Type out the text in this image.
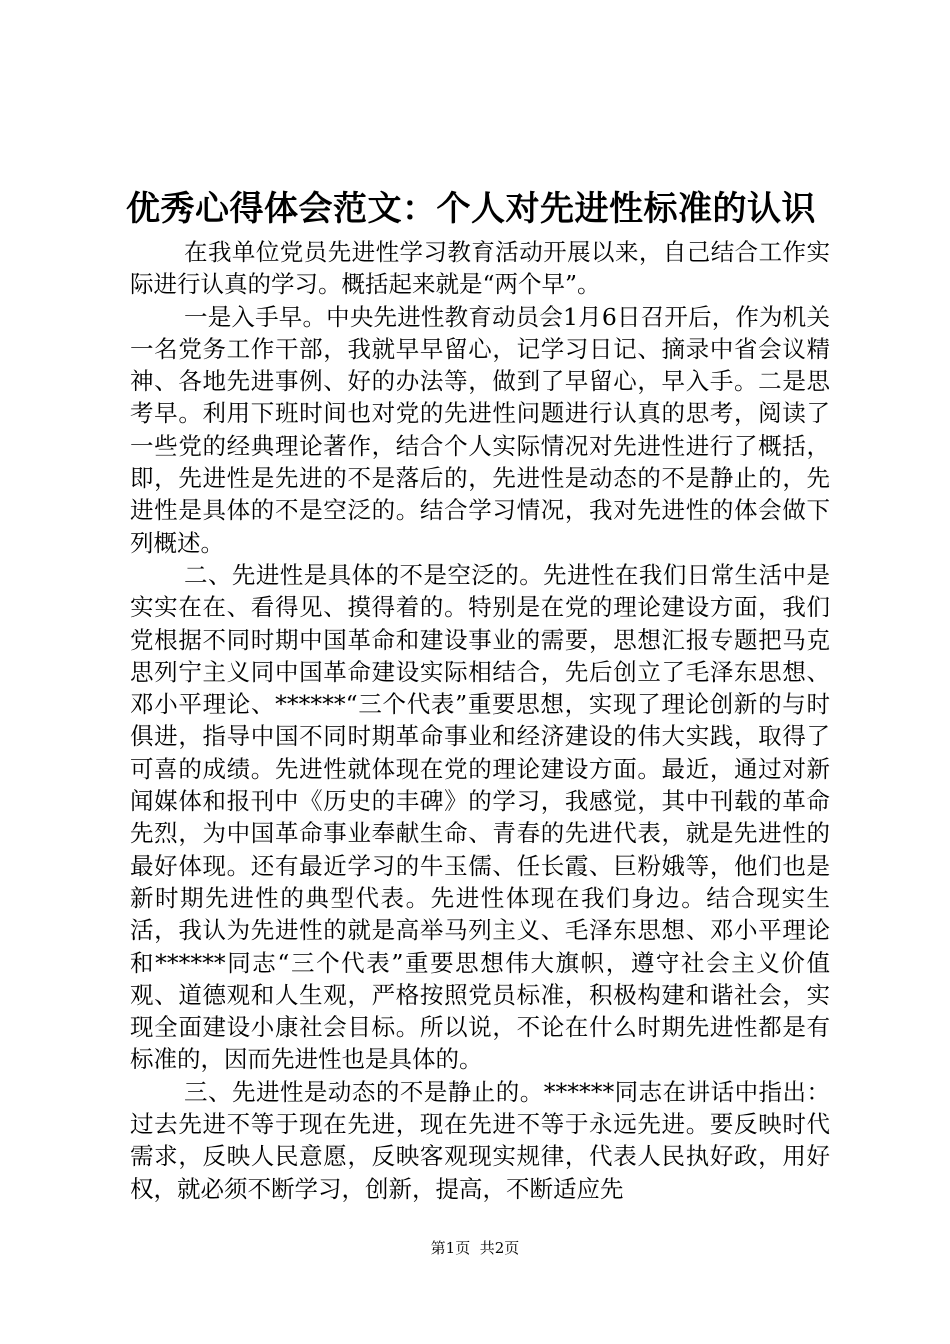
优秀心得体会范文：个人对先进性标准的认识

在我单位党员先进性学习教育活动开展以来，自己结合工作实际进行认真的学习。概括起来就是“两个早”。

一是入手早。中央先进性教育动员会1月6日召开后，作为机关一名党务工作干部，我就早早留心，记学习日记、摘录中省会议精神、各地先进事例、好的办法等，做到了早留心，早入手。二是思考早。利用下班时间也对党的先进性问题进行认真的思考，阅读了一些党的经典理论著作，结合个人实际情况对先进性进行了概括，即，先进性是先进的不是落后的，先进性是动态的不是静止的，先进性是具体的不是空泛的。结合学习情况，我对先进性的体会做下列概述。

二、先进性是具体的不是空泛的。先进性在我们日常生活中是实实在在、看得见、摸得着的。特别是在党的理论建设方面，我们党根据不同时期中国革命和建设事业的需要，思想汇报专题把马克思列宁主义同中国革命建设实际相结合，先后创立了毛泽东思想、邓小平理论、******“三个代表”重要思想，实现了理论创新的与时俱进，指导中国不同时期革命事业和经济建设的伟大实践，取得了可喜的成绩。先进性就体现在党的理论建设方面。最近，通过对新闻媒体和报刊中《历史的丰碑》的学习，我感觉，其中刊载的革命先烈，为中国革命事业奉献生命、青春的先进代表，就是先进性的最好体现。还有最近学习的牛玉儒、任长霞、巨粉娥等，他们也是新时期先进性的典型代表。先进性体现在我们身边。结合现实生活，我认为先进性的就是高举马列主义、毛泽东思想、邓小平理论和******同志“三个代表”重要思想伟大旗帜，遵守社会主义价值观、道德观和人生观，严格按照党员标准，积极构建和谐社会，实现全面建设小康社会目标。所以说，不论在什么时期先进性都是有标准的，因而先进性也是具体的。

三、先进性是动态的不是静止的。******同志在讲话中指出：过去先进不等于现在先进，现在先进不等于永远先进。要反映时代需求，反映人民意愿，反映客观现实规律，代表人民执好政，用好权，就必须不断学习，创新，提高，不断适应先

第1页 共2页
